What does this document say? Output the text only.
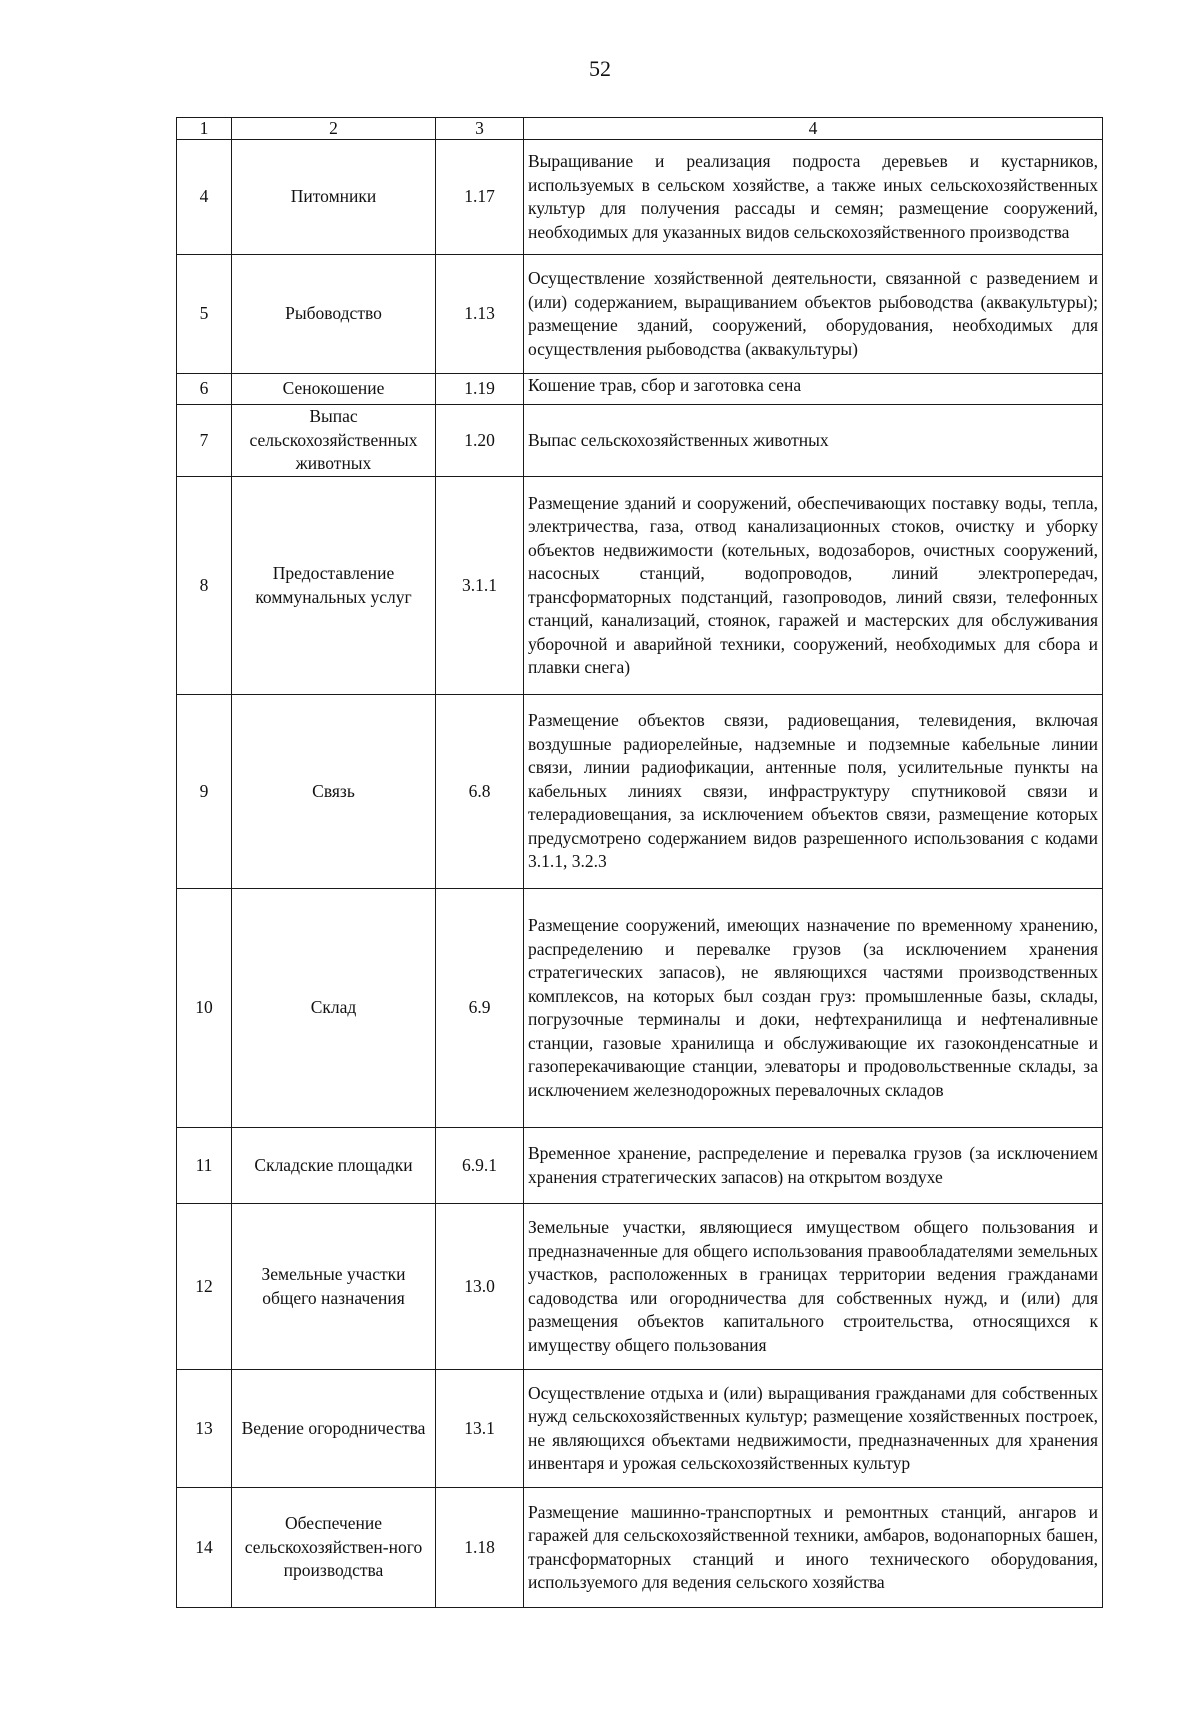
52
1	2	3	4
4	Питомники	1.17	Выращивание и реализация подроста деревьев и кустарников, используемых в сельском хозяйстве, а также иных сельскохозяйственных культур для получения рассады и семян; размещение сооружений, необходимых для указанных видов сельскохозяйственного производства
5	Рыбоводство	1.13	Осуществление хозяйственной деятельности, связанной с разведением и (или) содержанием, выращиванием объектов рыбоводства (аквакультуры); размещение зданий, сооружений, оборудования, необходимых для осуществления рыбоводства (аквакультуры)
6	Сенокошение	1.19	Кошение трав, сбор и заготовка сена
7	Выпас сельскохозяйственных животных	1.20	Выпас сельскохозяйственных животных
8	Предоставление коммунальных услуг	3.1.1	Размещение зданий и сооружений, обеспечивающих поставку воды, тепла, электричества, газа, отвод канализационных стоков, очистку и уборку объектов недвижимости (котельных, водозаборов, очистных сооружений, насосных станций, водопроводов, линий электропередач, трансформаторных подстанций, газопроводов, линий связи, телефонных станций, канализаций, стоянок, гаражей и мастерских для обслуживания уборочной и аварийной техники, сооружений, необходимых для сбора и плавки снега)
9	Связь	6.8	Размещение объектов связи, радиовещания, телевидения, включая воздушные радиорелейные, надземные и подземные кабельные линии связи, линии радиофикации, антенные поля, усилительные пункты на кабельных линиях связи, инфраструктуру спутниковой связи и телерадиовещания, за исключением объектов связи, размещение которых предусмотрено содержанием видов разрешенного использования с кодами 3.1.1, 3.2.3
10	Склад	6.9	Размещение сооружений, имеющих назначение по временному хранению, распределению и перевалке грузов (за исключением хранения стратегических запасов), не являющихся частями производственных комплексов, на которых был создан груз: промышленные базы, склады, погрузочные терминалы и доки, нефтехранилища и нефтеналивные станции, газовые хранилища и обслуживающие их газоконденсатные и газоперекачивающие станции, элеваторы и продовольственные склады, за исключением железнодорожных перевалочных складов
11	Складские площадки	6.9.1	Временное хранение, распределение и перевалка грузов (за исключением хранения стратегических запасов) на открытом воздухе
12	Земельные участки общего назначения	13.0	Земельные участки, являющиеся имуществом общего пользования и предназначенные для общего использования правообладателями земельных участков, расположенных в границах территории ведения гражданами садоводства или огородничества для собственных нужд, и (или) для размещения объектов капитального строительства, относящихся к имуществу общего пользования
13	Ведение огородничества	13.1	Осуществление отдыха и (или) выращивания гражданами для собственных нужд сельскохозяйственных культур; размещение хозяйственных построек, не являющихся объектами недвижимости, предназначенных для хранения инвентаря и урожая сельскохозяйственных культур
14	Обеспечение сельскохозяйствен-ного производства	1.18	Размещение машинно-транспортных и ремонтных станций, ангаров и гаражей для сельскохозяйственной техники, амбаров, водонапорных башен, трансформаторных станций и иного технического оборудования, используемого для ведения сельского хозяйства
